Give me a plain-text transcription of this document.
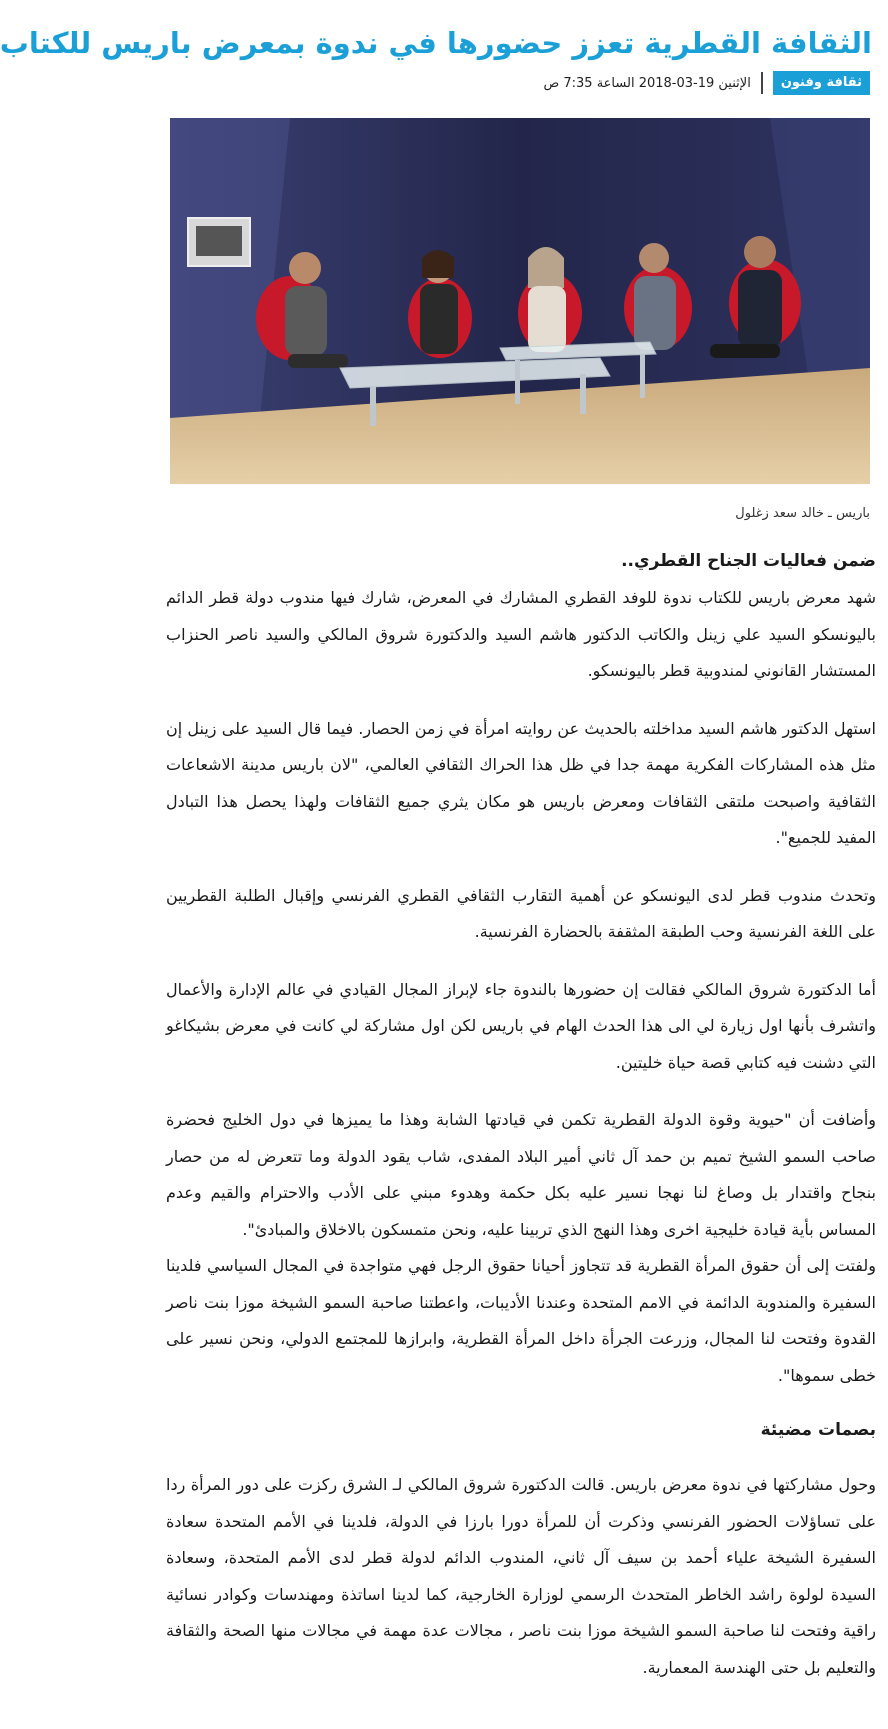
الثقافة القطرية تعزز حضورها في ندوة بمعرض باريس للكتاب
ثقافة وفنون
الإثنين 19-03-2018 الساعة 7:35 ص
باريس ـ خالد سعد زغلول
ضمن فعاليات الجناح القطري..

شهد معرض باريس للكتاب ندوة للوفد القطري المشارك في المعرض، شارك فيها مندوب دولة قطر الدائم باليونسكو السيد علي زينل والكاتب الدكتور هاشم السيد والدكتورة شروق المالكي والسيد ناصر الحنزاب المستشار القانوني لمندوبية قطر باليونسكو.

استهل الدكتور هاشم السيد مداخلته بالحديث عن روايته امرأة في زمن الحصار. فيما قال السيد على زينل إن مثل هذه المشاركات الفكرية مهمة جدا في ظل هذا الحراك الثقافي العالمي، "لان باريس مدينة الاشعاعات الثقافية واصبحت ملتقى الثقافات ومعرض باريس هو مكان يثري جميع الثقافات ولهذا يحصل هذا التبادل المفيد للجميع".

وتحدث مندوب قطر لدى اليونسكو عن أهمية التقارب الثقافي القطري الفرنسي وإقبال الطلبة القطريين على اللغة الفرنسية وحب الطبقة المثقفة بالحضارة الفرنسية.

أما الدكتورة شروق المالكي فقالت إن حضورها بالندوة جاء لإبراز المجال القيادي في عالم الإدارة والأعمال واتشرف بأنها اول زيارة لي الى هذا الحدث الهام في باريس لكن اول مشاركة لي كانت في معرض بشيكاغو التي دشنت فيه كتابي قصة حياة خليتين.

وأضافت أن "حيوية وقوة الدولة القطرية تكمن في قيادتها الشابة وهذا ما يميزها في دول الخليج فحضرة صاحب السمو الشيخ تميم بن حمد آل ثاني أمير البلاد المفدى، شاب يقود الدولة وما تتعرض له من حصار بنجاح واقتدار بل وصاغ لنا نهجا نسير عليه بكل حكمة وهدوء مبني على الأدب والاحترام والقيم وعدم المساس بأية قيادة خليجية اخرى وهذا النهج الذي تربينا عليه، ونحن متمسكون بالاخلاق والمبادئ".

ولفتت إلى أن حقوق المرأة القطرية قد تتجاوز أحيانا حقوق الرجل فهي متواجدة في المجال السياسي فلدينا السفيرة والمندوبة الدائمة في الامم المتحدة وعندنا الأديبات، واعطتنا صاحبة السمو الشيخة موزا بنت ناصر القدوة وفتحت لنا المجال، وزرعت الجرأة داخل المرأة القطرية، وابرازها للمجتمع الدولي، ونحن نسير على خطى سموها".

بصمات مضيئة

وحول مشاركتها في ندوة معرض باريس. قالت الدكتورة شروق المالكي لـ الشرق ركزت على دور المرأة ردا على تساؤلات الحضور الفرنسي وذكرت أن للمرأة دورا بارزا في الدولة، فلدينا في الأمم المتحدة سعادة السفيرة الشيخة علياء أحمد بن سيف آل ثاني، المندوب الدائم لدولة قطر لدى الأمم المتحدة، وسعادة السيدة لولوة راشد الخاطر المتحدث الرسمي لوزارة الخارجية، كما لدينا اساتذة ومهندسات وكوادر نسائية راقية وفتحت لنا صاحبة السمو الشيخة موزا بنت ناصر ، مجالات عدة مهمة في مجالات منها الصحة والثقافة والتعليم بل حتى الهندسة المعمارية.
